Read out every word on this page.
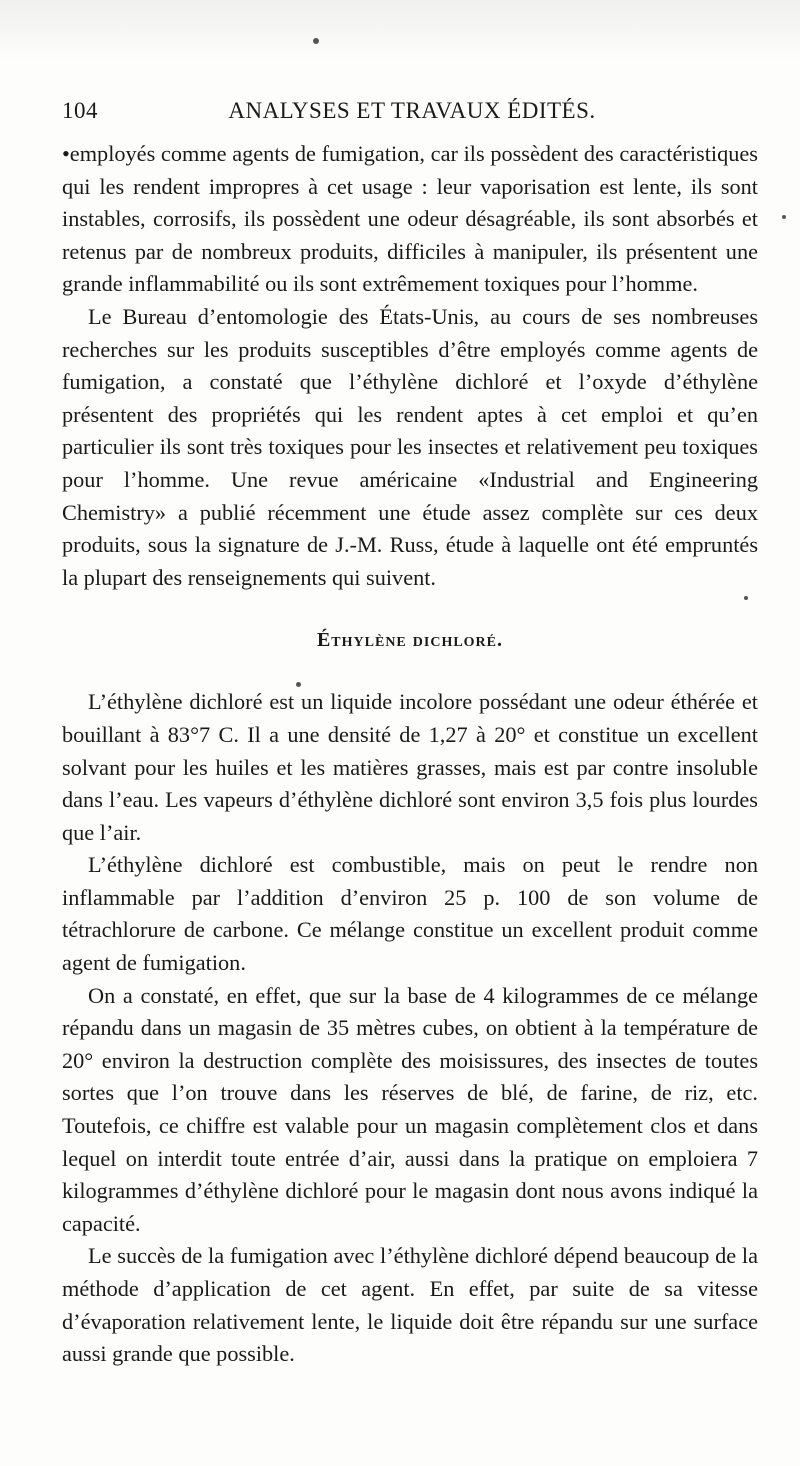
104	ANALYSES ET TRAVAUX ÉDITÉS.

•employés comme agents de fumigation, car ils possèdent des caractéristiques qui les rendent impropres à cet usage : leur vaporisation est lente, ils sont instables, corrosifs, ils possèdent une odeur désagréable, ils sont absorbés et retenus par de nombreux produits, difficiles à manipuler, ils présentent une grande inflammabilité ou ils sont extrêmement toxiques pour l’homme.

Le Bureau d’entomologie des États-Unis, au cours de ses nombreuses recherches sur les produits susceptibles d’être employés comme agents de fumigation, a constaté que l’éthylène dichloré et l’oxyde d’éthylène présentent des propriétés qui les rendent aptes à cet emploi et qu’en particulier ils sont très toxiques pour les insectes et relativement peu toxiques pour l’homme. Une revue américaine «Industrial and Engineering Chemistry» a publié récemment une étude assez complète sur ces deux produits, sous la signature de J.-M. Russ, étude à laquelle ont été empruntés la plupart des renseignements qui suivent.

Éthylène dichloré.

L’éthylène dichloré est un liquide incolore possédant une odeur éthérée et bouillant à 83°7 C. Il a une densité de 1,27 à 20° et constitue un excellent solvant pour les huiles et les matières grasses, mais est par contre insoluble dans l’eau. Les vapeurs d’éthylène dichloré sont environ 3,5 fois plus lourdes que l’air.

L’éthylène dichloré est combustible, mais on peut le rendre non inflammable par l’addition d’environ 25 p. 100 de son volume de tétrachlorure de carbone. Ce mélange constitue un excellent produit comme agent de fumigation.

On a constaté, en effet, que sur la base de 4 kilogrammes de ce mélange répandu dans un magasin de 35 mètres cubes, on obtient à la température de 20° environ la destruction complète des moisissures, des insectes de toutes sortes que l’on trouve dans les réserves de blé, de farine, de riz, etc. Toutefois, ce chiffre est valable pour un magasin complètement clos et dans lequel on interdit toute entrée d’air, aussi dans la pratique on emploiera 7 kilogrammes d’éthylène dichloré pour le magasin dont nous avons indiqué la capacité.

Le succès de la fumigation avec l’éthylène dichloré dépend beaucoup de la méthode d’application de cet agent. En effet, par suite de sa vitesse d’évaporation relativement lente, le liquide doit être répandu sur une surface aussi grande que possible.
